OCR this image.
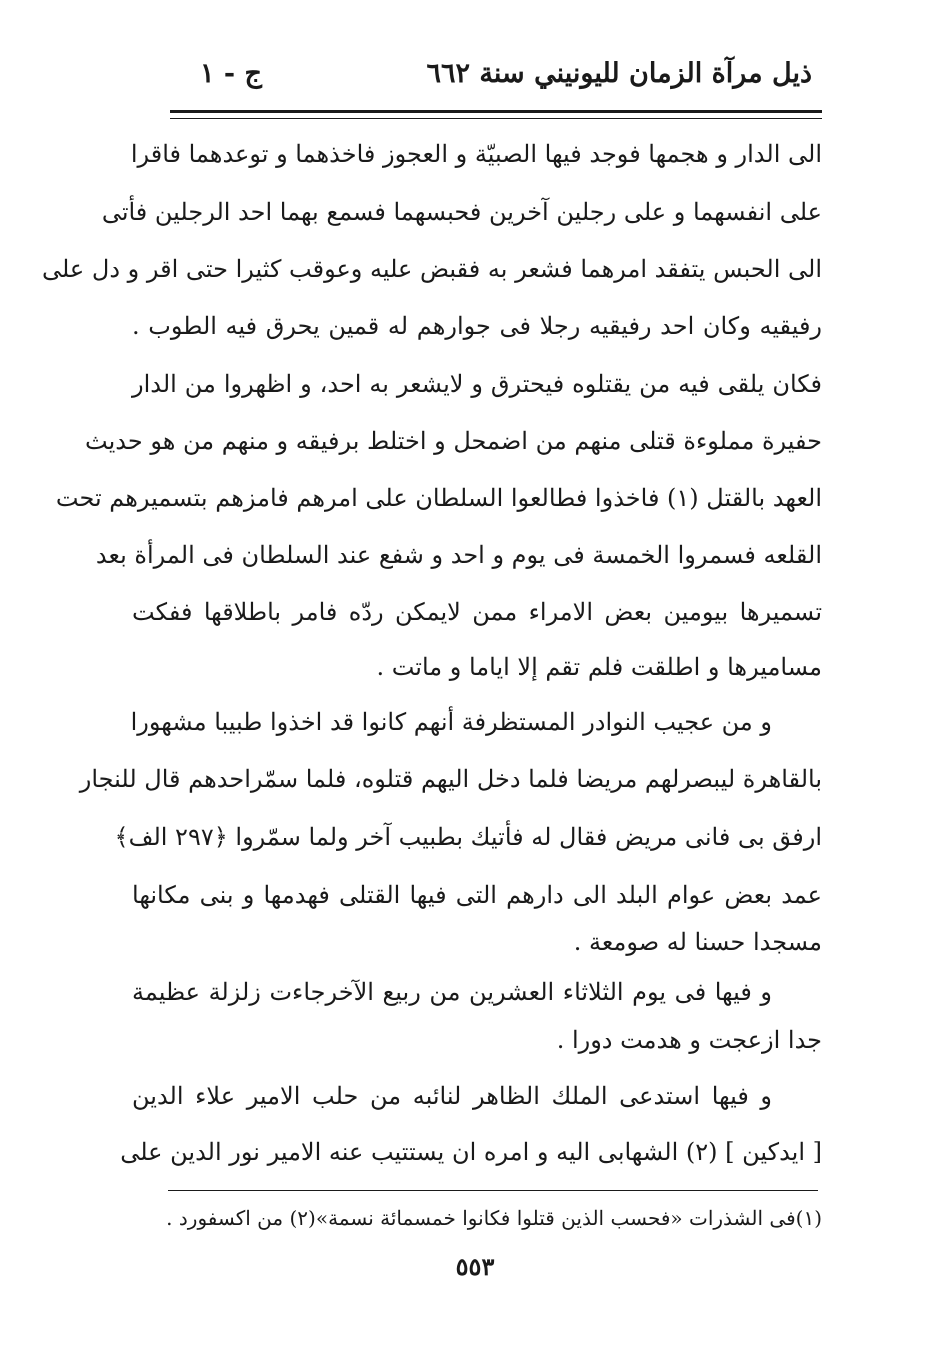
ذيل مرآة الزمان لليونيني سنة ٦٦٢
ج - ١
الى الدار و هجمها فوجد فيها الصبيّة و العجوز فاخذهما و توعدهما فاقرا
على انفسهما و على رجلين آخرين فحبسهما فسمع بهما احد الرجلين فأتى
الى الحبس يتفقد امرهما فشعر به فقبض عليه وعوقب كثيرا حتى اقر و دل على
رفيقيه وكان احد رفيقيه رجلا فى جوارهم له قمين يحرق فيه الطوب .
فكان يلقى فيه من يقتلوه فيحترق و لايشعر به احد، و اظهروا من الدار
حفيرة مملوءة قتلى منهم من اضمحل و اختلط برفيقه و منهم من هو حديث
العهد بالقتل (١) فاخذوا فطالعوا السلطان على امرهم فامزهم بتسميرهم تحت
القلعه فسمروا الخمسة فى يوم و احد و شفع عند السلطان فى المرأة بعد
تسميرها بيومين بعض الامراء ممن لايمكن ردّه فامر باطلاقها ففكت
مساميرها و اطلقت فلم تقم إلا اياما و ماتت .
و من عجيب النوادر المستظرفة أنهم كانوا قد اخذوا طبيبا مشهورا
بالقاهرة ليبصرلهم مريضا فلما دخل اليهم قتلوه، فلما سمّراحدهم قال للنجار
ارفق بى فانى مريض فقال له فأتيك بطبيب آخر ولما سمّروا ﴿٢٩٧ الف﴾
عمد بعض عوام البلد الى دارهم التى فيها القتلى فهدمها و بنى مكانها
مسجدا حسنا له صومعة .
و فيها فى يوم الثلاثاء العشرين من ربيع الآخرجاءت زلزلة عظيمة
جدا ازعجت و هدمت دورا .
و فيها استدعى الملك الظاهر لنائبه من حلب الامير علاء الدين
[ ايدكين ] (٢) الشهابى اليه و امره ان يستتيب عنه الامير نور الدين على
(١)فى الشذرات «فحسب الذين قتلوا فكانوا خمسمائة نسمة»(٢) من اكسفورد .
٥٥٣
